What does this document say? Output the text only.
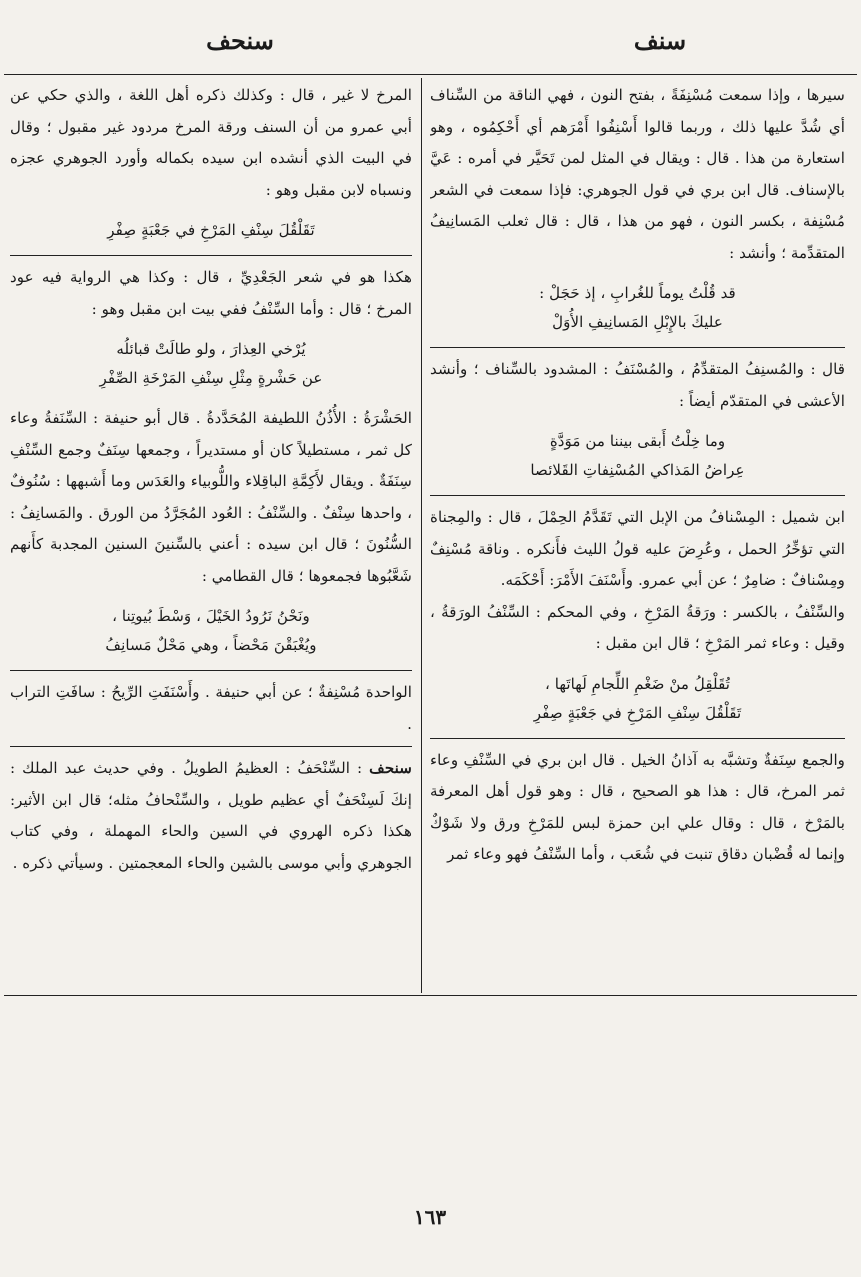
سنف
سنحف

سيرها ، وإذا سمعت مُسْنِفَةً ، بفتح النون ، فهي الناقة من السِّناف أي شُدَّ عليها ذلك ، وربما قالوا أَسْنِفُوا أَمْرَهم أي أَحْكِمُوه ، وهو استعارة من هذا . قال : ويقال في المثل لمن تَحَيَّر في أمره : عَيَّ بالإسناف. قال ابن بري في قول الجوهري: فإذا سمعت في الشعر مُسْنِفة ، بكسر النون ، فهو من هذا ، قال : قال ثعلب المَسانِيفُ المتقدِّمة ؛ وأنشد :

قد قُلْتُ يوماً للغُرابِ ، إذ حَجَلْ :
عليكَ بالإِبْلِ المَسانِيفِ الأُوَلْ

قال : والمُسنِفُ المتقدِّمُ ، والمُسْنَفُ : المشدود بالسِّناف ؛ وأنشد الأعشى في المتقدّم أيضاً :

وما خِلْتُ أَبقى بيننا من مَوَدَّةٍ
عِراضُ المَذاكي المُسْنِفاتِ القَلائصا

ابن شميل : المِسْنافُ من الإبل التي تَقَدَّمُ الحِمْلَ ، قال : والمِجناة التي تؤخِّرُ الحمل ، وعُرِضَ عليه قولُ الليث فأَنكره . وناقة مُسْنِفٌ ومِسْنافٌ : ضامِرٌ ؛ عن أبي عمرو. وأَسْنَفَ الأَمْرَ: أَحْكَمَه.

والسِّنْفُ ، بالكسر : ورَقةُ المَرْخِ ، وفي المحكم : السِّنْفُ الورَقةُ ، وقيل : وعاء ثمر المَرْخِ ؛ قال ابن مقبل :

تُقَلْقِلُ منْ ضَغْمِ اللِّجامِ لَهاتَها ،
تَقَلْقُلَ سِنْفِ المَرْخِ في جَعْبَةٍ صِفْرِ

والجمع سِنَفةٌ وتشبَّه به آذانُ الخيل . قال ابن بري في السِّنْفِ وعاء ثمر المرخ، قال : هذا هو الصحيح ، قال : وهو قول أهل المعرفة بالمَرْخ ، قال : وقال علي ابن حمزة لبس للمَرْخِ ورق ولا شَوْكٌ وإنما له قُضْبان دقاق تنبت في شُعَب ، وأما السِّنْفُ فهو وعاء ثمر

المرخ لا غير ، قال : وكذلك ذكره أهل اللغة ، والذي حكي عن أبي عمرو من أن السنف ورقة المرخ مردود غير مقبول ؛ وقال في البيت الذي أنشده ابن سيده بكماله وأورد الجوهري عجزه ونسباه لابن مقبل وهو :

تَقَلْقُلَ سِنْفِ المَرْخِ في جَعْبَةٍ صِفْرِ

هكذا هو في شعر الجَعْدِيِّ ، قال : وكذا هي الرواية فيه عود المرخ ؛ قال : وأما السِّنْفُ ففي بيت ابن مقبل وهو :

يُرْخي العِذارَ ، ولو طالَتْ قبائلُه
عن حَشْرةٍ مِثْلِ سِنْفِ المَرْخَةِ الصِّفْرِ

الحَشْرَةُ : الأُذُنُ اللطيفة المُحَدَّدةُ . قال أبو حنيفة : السِّنَفةُ وعاء كل ثمر ، مستطيلاً كان أو مستديراً ، وجمعها سِنَفٌ وجمع السِّنْفِ سِنَفَةٌ . ويقال لأَكِمَّةِ الباقِلاء واللُّوبياء والعَدَس وما أَشبهها : سُنُوفٌ ، واحدها سِنْفٌ . والسِّنْفُ : العُود المُجَرَّدُ من الورق . والمَسانِفُ : السُّنُونَ ؛ قال ابن سيده : أعني بالسِّنينَ السنين المجدبة كأَنهم شَعَّبُوها فجمعوها ؛ قال القطامي :

ونَحْنُ نَرُودُ الخَيْلَ ، وَسْطَ بُيوتِنا ،
ويُغْبَقْنَ مَحْضاً ، وهي مَحْلٌ مَسانِفُ

الواحدة مُسْنِفةٌ ؛ عن أبي حنيفة . وأَسْنَفَتِ الرِّيحُ : سافَتِ التراب .

سنحف : السِّنْحَفُ : العظيمُ الطويلُ . وفي حديث عبد الملك : إنكَ لَسِنْحَفٌ أي عظيم طويل ، والسِّنْحافُ مثله؛ قال ابن الأثير: هكذا ذكره الهروي في السين والحاء المهملة ، وفي كتاب الجوهري وأبي موسى بالشين والحاء المعجمتين . وسيأتي ذكره .

١٦٣
